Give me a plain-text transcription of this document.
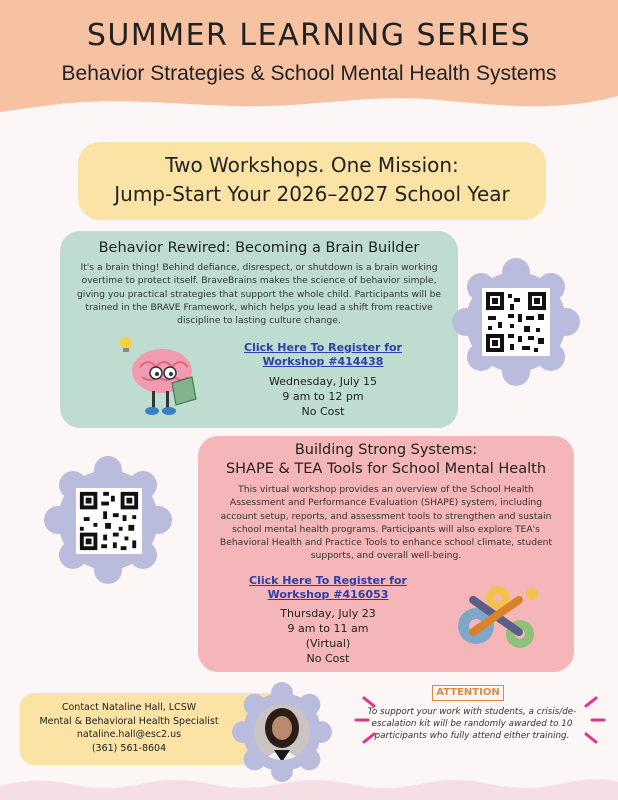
SUMMER LEARNING SERIES
Behavior Strategies & School Mental Health Systems
Two Workshops. One Mission:
Jump-Start Your 2026–2027 School Year
Behavior Rewired: Becoming a Brain Builder
It's a brain thing! Behind defiance, disrespect, or shutdown is a brain working overtime to protect itself. BraveBrains makes the science of behavior simple, giving you practical strategies that support the whole child. Participants will be trained in the BRAVE Framework, which helps you lead a shift from reactive discipline to lasting culture change.
Click Here To Register for
Workshop #414438
Wednesday, July 15
9 am to 12 pm
No Cost
Building Strong Systems:
SHAPE & TEA Tools for School Mental Health
This virtual workshop provides an overview of the School Health Assessment and Performance Evaluation (SHAPE) system, including account setup, reports, and assessment tools to strengthen and sustain school mental health programs. Participants will also explore TEA's Behavioral Health and Practice Tools to enhance school climate, student supports, and overall well-being.
Click Here To Register for
Workshop #416053
Thursday, July 23
9 am to 11 am
(Virtual)
No Cost
Contact Nataline Hall, LCSW
Mental & Behavioral Health Specialist
nataline.hall@esc2.us
(361) 561-8604
ATTENTION
To support your work with students, a crisis/de-escalation kit will be randomly awarded to 10 participants who fully attend either training.
